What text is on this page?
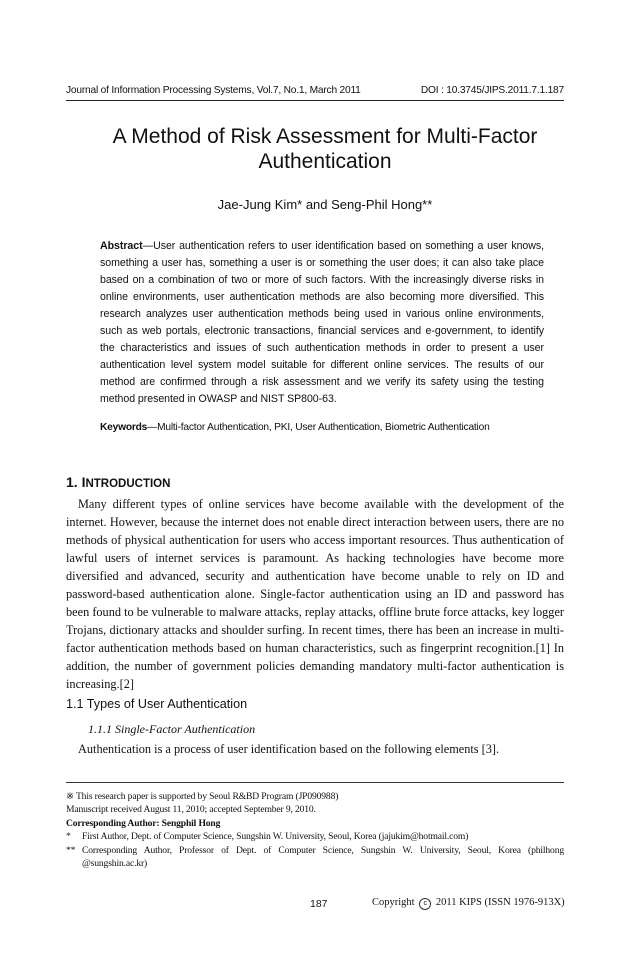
Journal of Information Processing Systems, Vol.7, No.1, March 2011	DOI : 10.3745/JIPS.2011.7.1.187
A Method of Risk Assessment for Multi-Factor
Authentication
Jae-Jung Kim* and Seng-Phil Hong**
Abstract—User authentication refers to user identification based on something a user knows, something a user has, something a user is or something the user does; it can also take place based on a combination of two or more of such factors. With the increasingly diverse risks in online environments, user authentication methods are also becoming more diversified. This research analyzes user authentication methods being used in various online environments, such as web portals, electronic transactions, financial services and e-government, to identify the characteristics and issues of such authentication methods in order to present a user authentication level system model suitable for different online services. The results of our method are confirmed through a risk assessment and we verify its safety using the testing method presented in OWASP and NIST SP800-63.
Keywords—Multi-factor Authentication, PKI, User Authentication, Biometric Authentication
1. INTRODUCTION
Many different types of online services have become available with the development of the internet. However, because the internet does not enable direct interaction between users, there are no methods of physical authentication for users who access important resources. Thus authentication of lawful users of internet services is paramount. As hacking technologies have become more diversified and advanced, security and authentication have become unable to rely on ID and password-based authentication alone. Single-factor authentication using an ID and password has been found to be vulnerable to malware attacks, replay attacks, offline brute force attacks, key logger Trojans, dictionary attacks and shoulder surfing. In recent times, there has been an increase in multi-factor authentication methods based on human characteristics, such as fingerprint recognition.[1] In addition, the number of government policies demanding mandatory multi-factor authentication is increasing.[2]
1.1 Types of User Authentication
1.1.1 Single-Factor Authentication
Authentication is a process of user identification based on the following elements [3].
※ This research paper is supported by Seoul R&BD Program (JP090988)
Manuscript received August 11, 2010; accepted September 9, 2010.
Corresponding Author: Sengphil Hong
* First Author, Dept. of Computer Science, Sungshin W. University, Seoul, Korea (jajukim@hotmail.com)
** Corresponding Author, Professor of Dept. of Computer Science, Sungshin W. University, Seoul, Korea (philhong @sungshin.ac.kr)
187	Copyright c 2011 KIPS (ISSN 1976-913X)
